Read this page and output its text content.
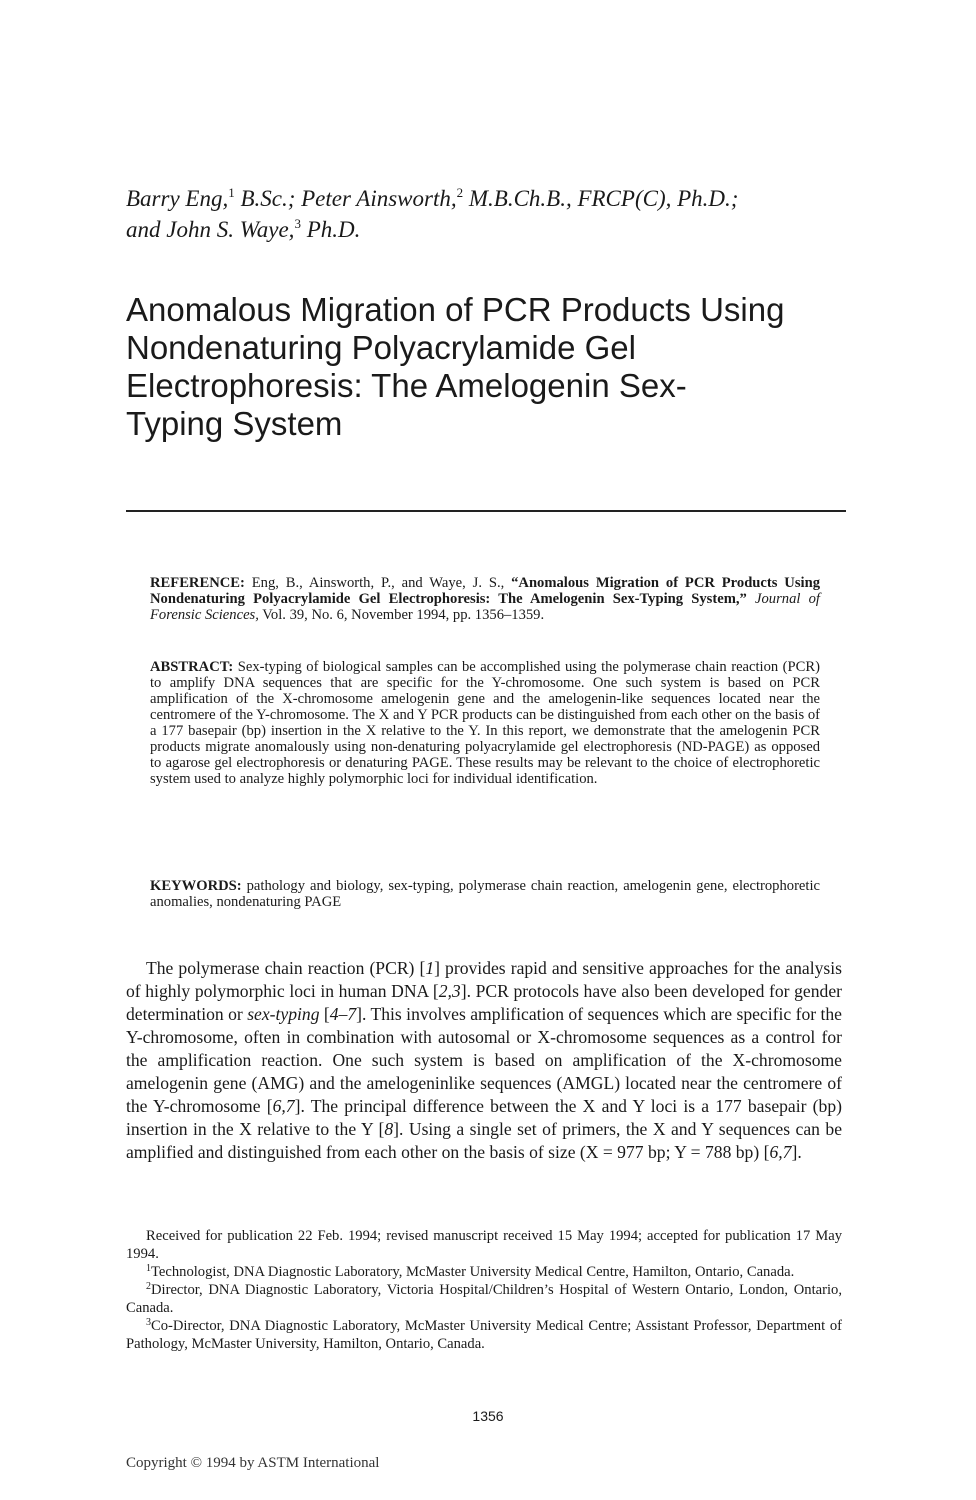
Barry Eng,$^1$ B.Sc.; Peter Ainsworth,$^2$ M.B.Ch.B., FRCP(C), Ph.D.;
and John S. Waye,$^3$ Ph.D.
Anomalous Migration of PCR Products Using
Nondenaturing Polyacrylamide Gel
Electrophoresis: The Amelogenin Sex-
Typing System
REFERENCE: Eng, B., Ainsworth, P., and Waye, J. S., “Anomalous Migration of PCR Products Using Nondenaturing Polyacrylamide Gel Electrophoresis: The Amelogenin Sex-Typing System,” Journal of Forensic Sciences, Vol. 39, No. 6, November 1994, pp. 1356–1359.
ABSTRACT: Sex-typing of biological samples can be accomplished using the polymerase chain reaction (PCR) to amplify DNA sequences that are specific for the Y-chromosome. One such system is based on PCR amplification of the X-chromosome amelogenin gene and the amelogenin-like sequences located near the centromere of the Y-chromosome. The X and Y PCR products can be distinguished from each other on the basis of a 177 basepair (bp) insertion in the X relative to the Y. In this report, we demonstrate that the amelogenin PCR products migrate anomalously using non-denaturing polyacrylamide gel electrophoresis (ND-PAGE) as opposed to agarose gel electrophoresis or denaturing PAGE. These results may be relevant to the choice of electrophoretic system used to analyze highly polymorphic loci for individual identification.
KEYWORDS: pathology and biology, sex-typing, polymerase chain reaction, amelogenin gene, electrophoretic anomalies, nondenaturing PAGE

The polymerase chain reaction (PCR) [1] provides rapid and sensitive approaches for the analysis of highly polymorphic loci in human DNA [2,3]. PCR protocols have also been developed for gender determination or sex-typing [4–7]. This involves amplification of sequences which are specific for the Y-chromosome, often in combination with autosomal or X-chromosome sequences as a control for the amplification reaction. One such system is based on amplification of the X-chromosome amelogenin gene (AMG) and the amelogeninlike sequences (AMGL) located near the centromere of the Y-chromosome [6,7]. The principal difference between the X and Y loci is a 177 basepair (bp) insertion in the X relative to the Y [8]. Using a single set of primers, the X and Y sequences can be amplified and distinguished from each other on the basis of size (X = 977 bp; Y = 788 bp) [6,7].

Received for publication 22 Feb. 1994; revised manuscript received 15 May 1994; accepted for publication 17 May 1994.

$^1$Technologist, DNA Diagnostic Laboratory, McMaster University Medical Centre, Hamilton, Ontario, Canada.

$^2$Director, DNA Diagnostic Laboratory, Victoria Hospital/Children’s Hospital of Western Ontario, London, Ontario, Canada.

$^3$Co-Director, DNA Diagnostic Laboratory, McMaster University Medical Centre; Assistant Professor, Department of Pathology, McMaster University, Hamilton, Ontario, Canada.

1356
Copyright © 1994 by ASTM International
